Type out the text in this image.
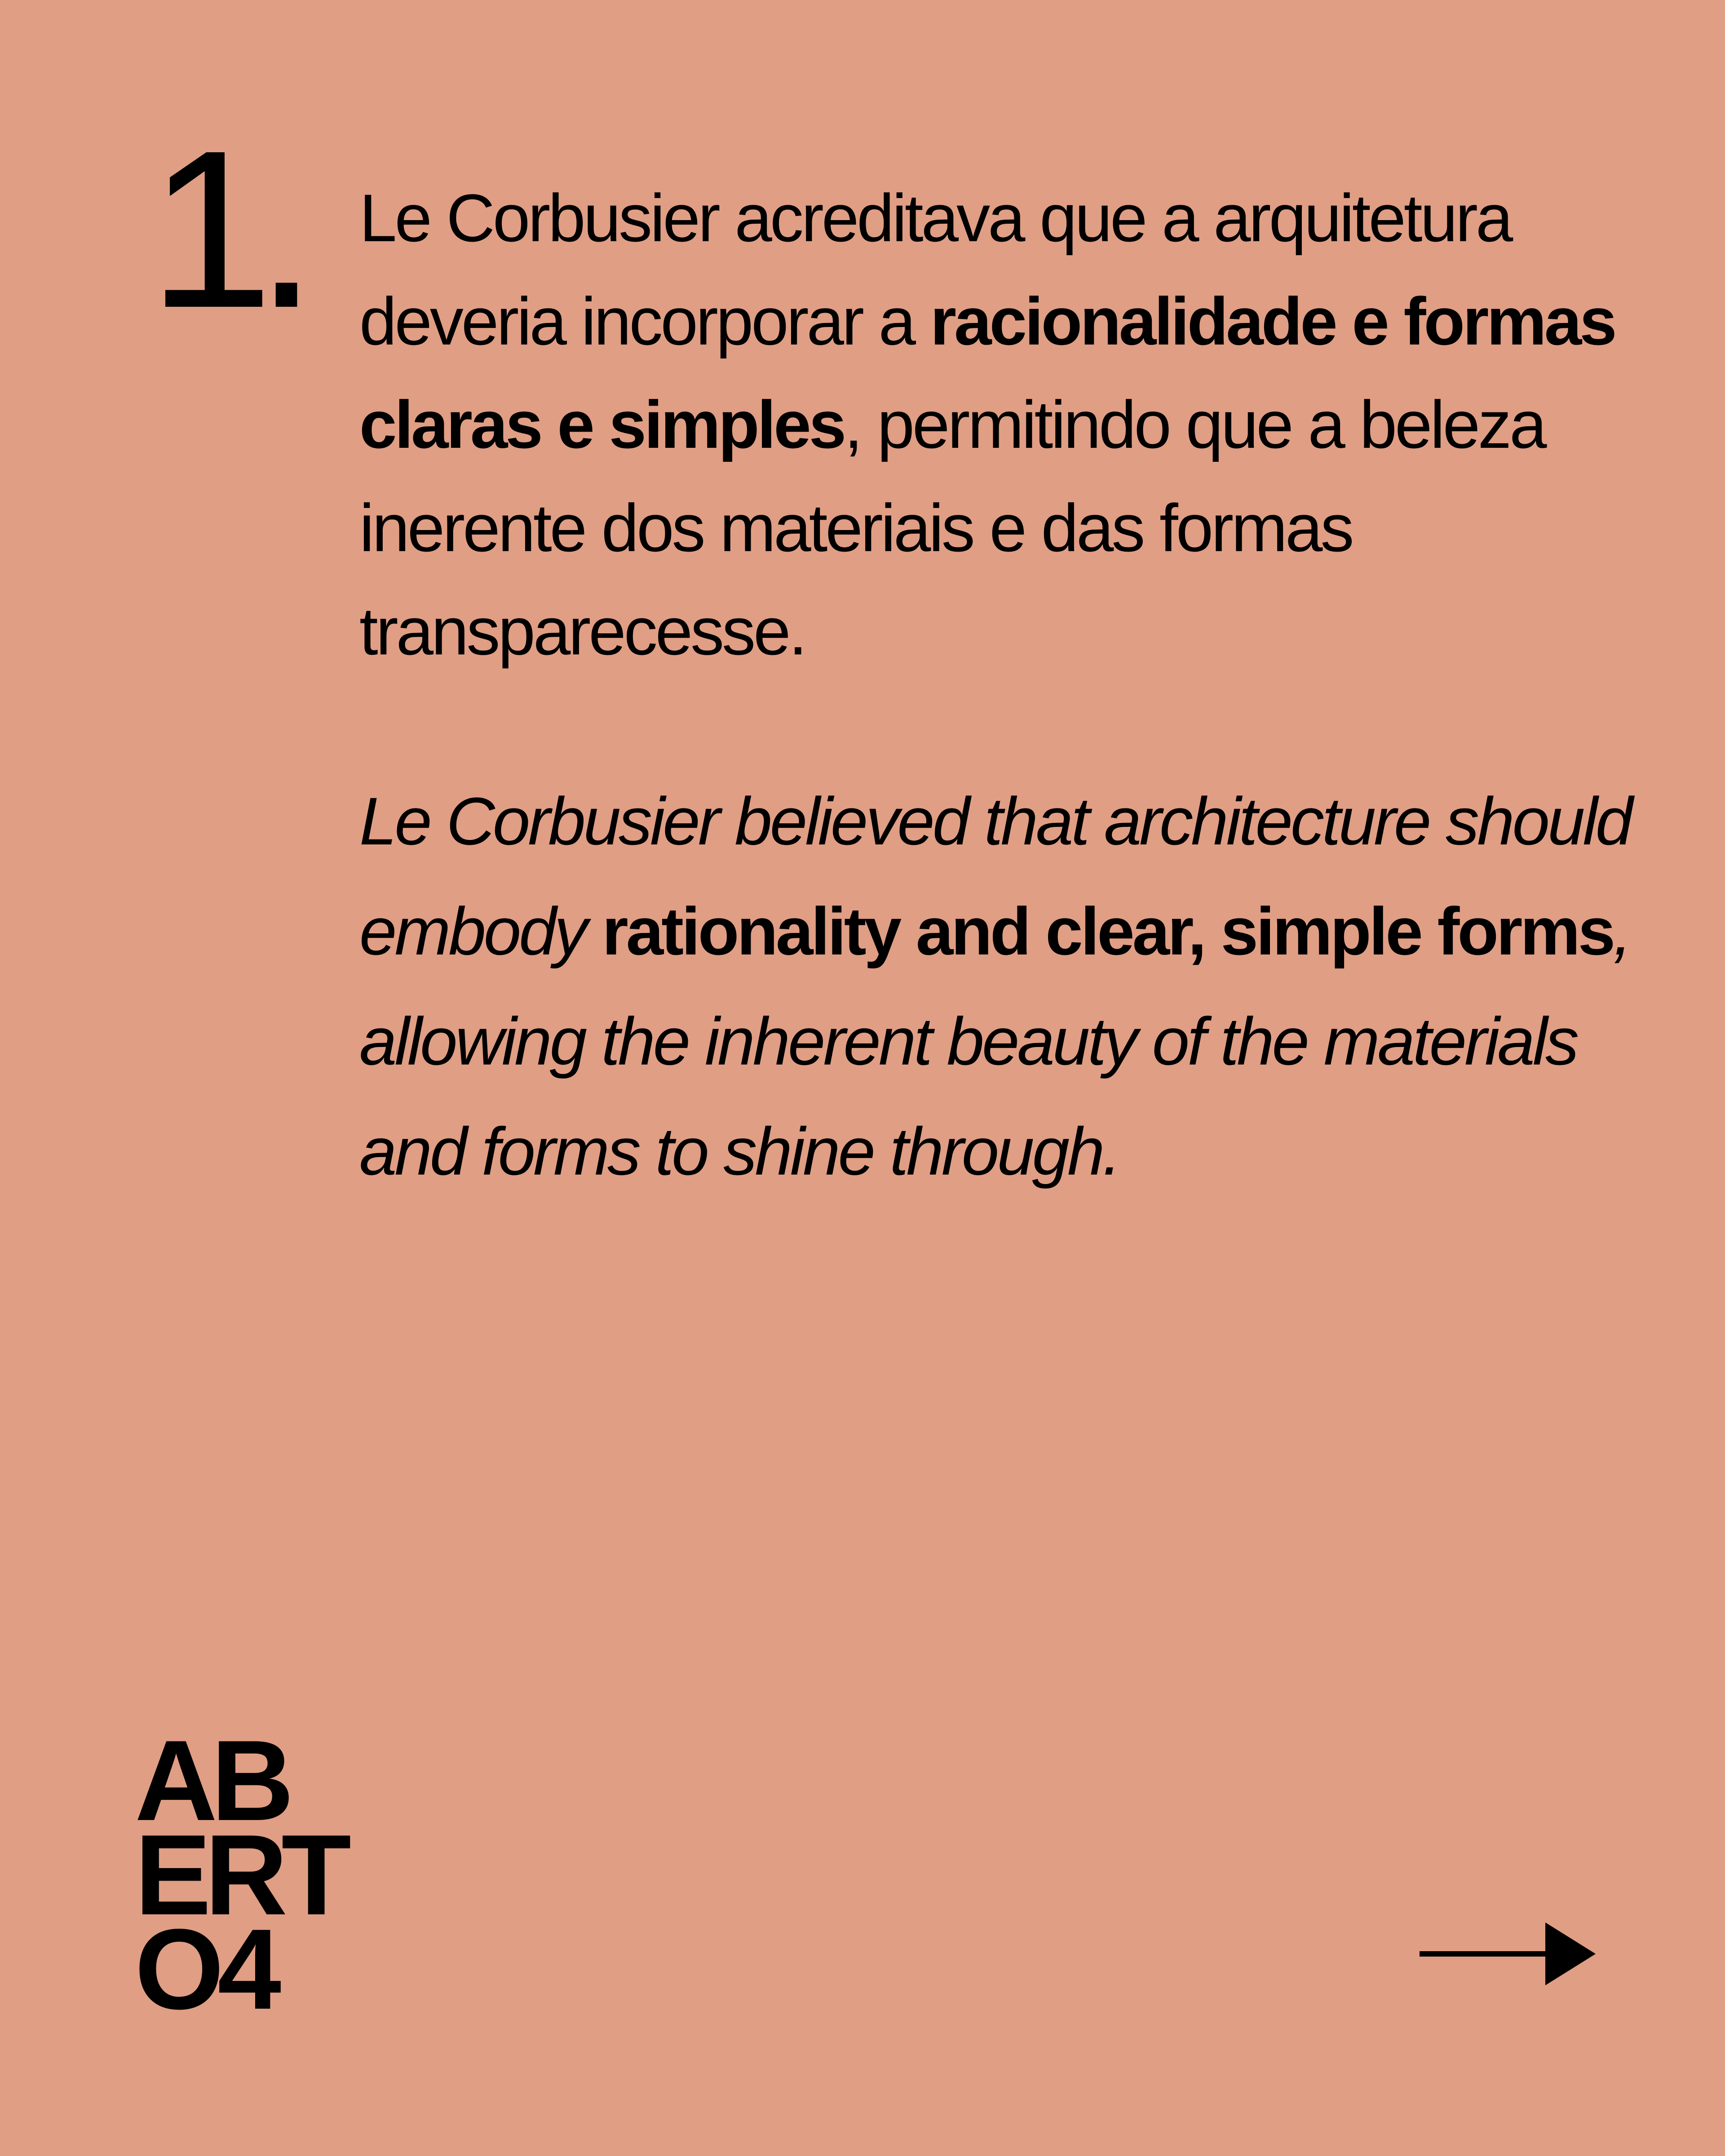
1. Le Corbusier acreditava que a arquitetura deveria incorporar a racionalidade e formas claras e simples, permitindo que a beleza inerente dos materiais e das formas transparecesse.

Le Corbusier believed that architecture should embody rationality and clear, simple forms, allowing the inherent beauty of the materials and forms to shine through.

AB
ERT
O4
